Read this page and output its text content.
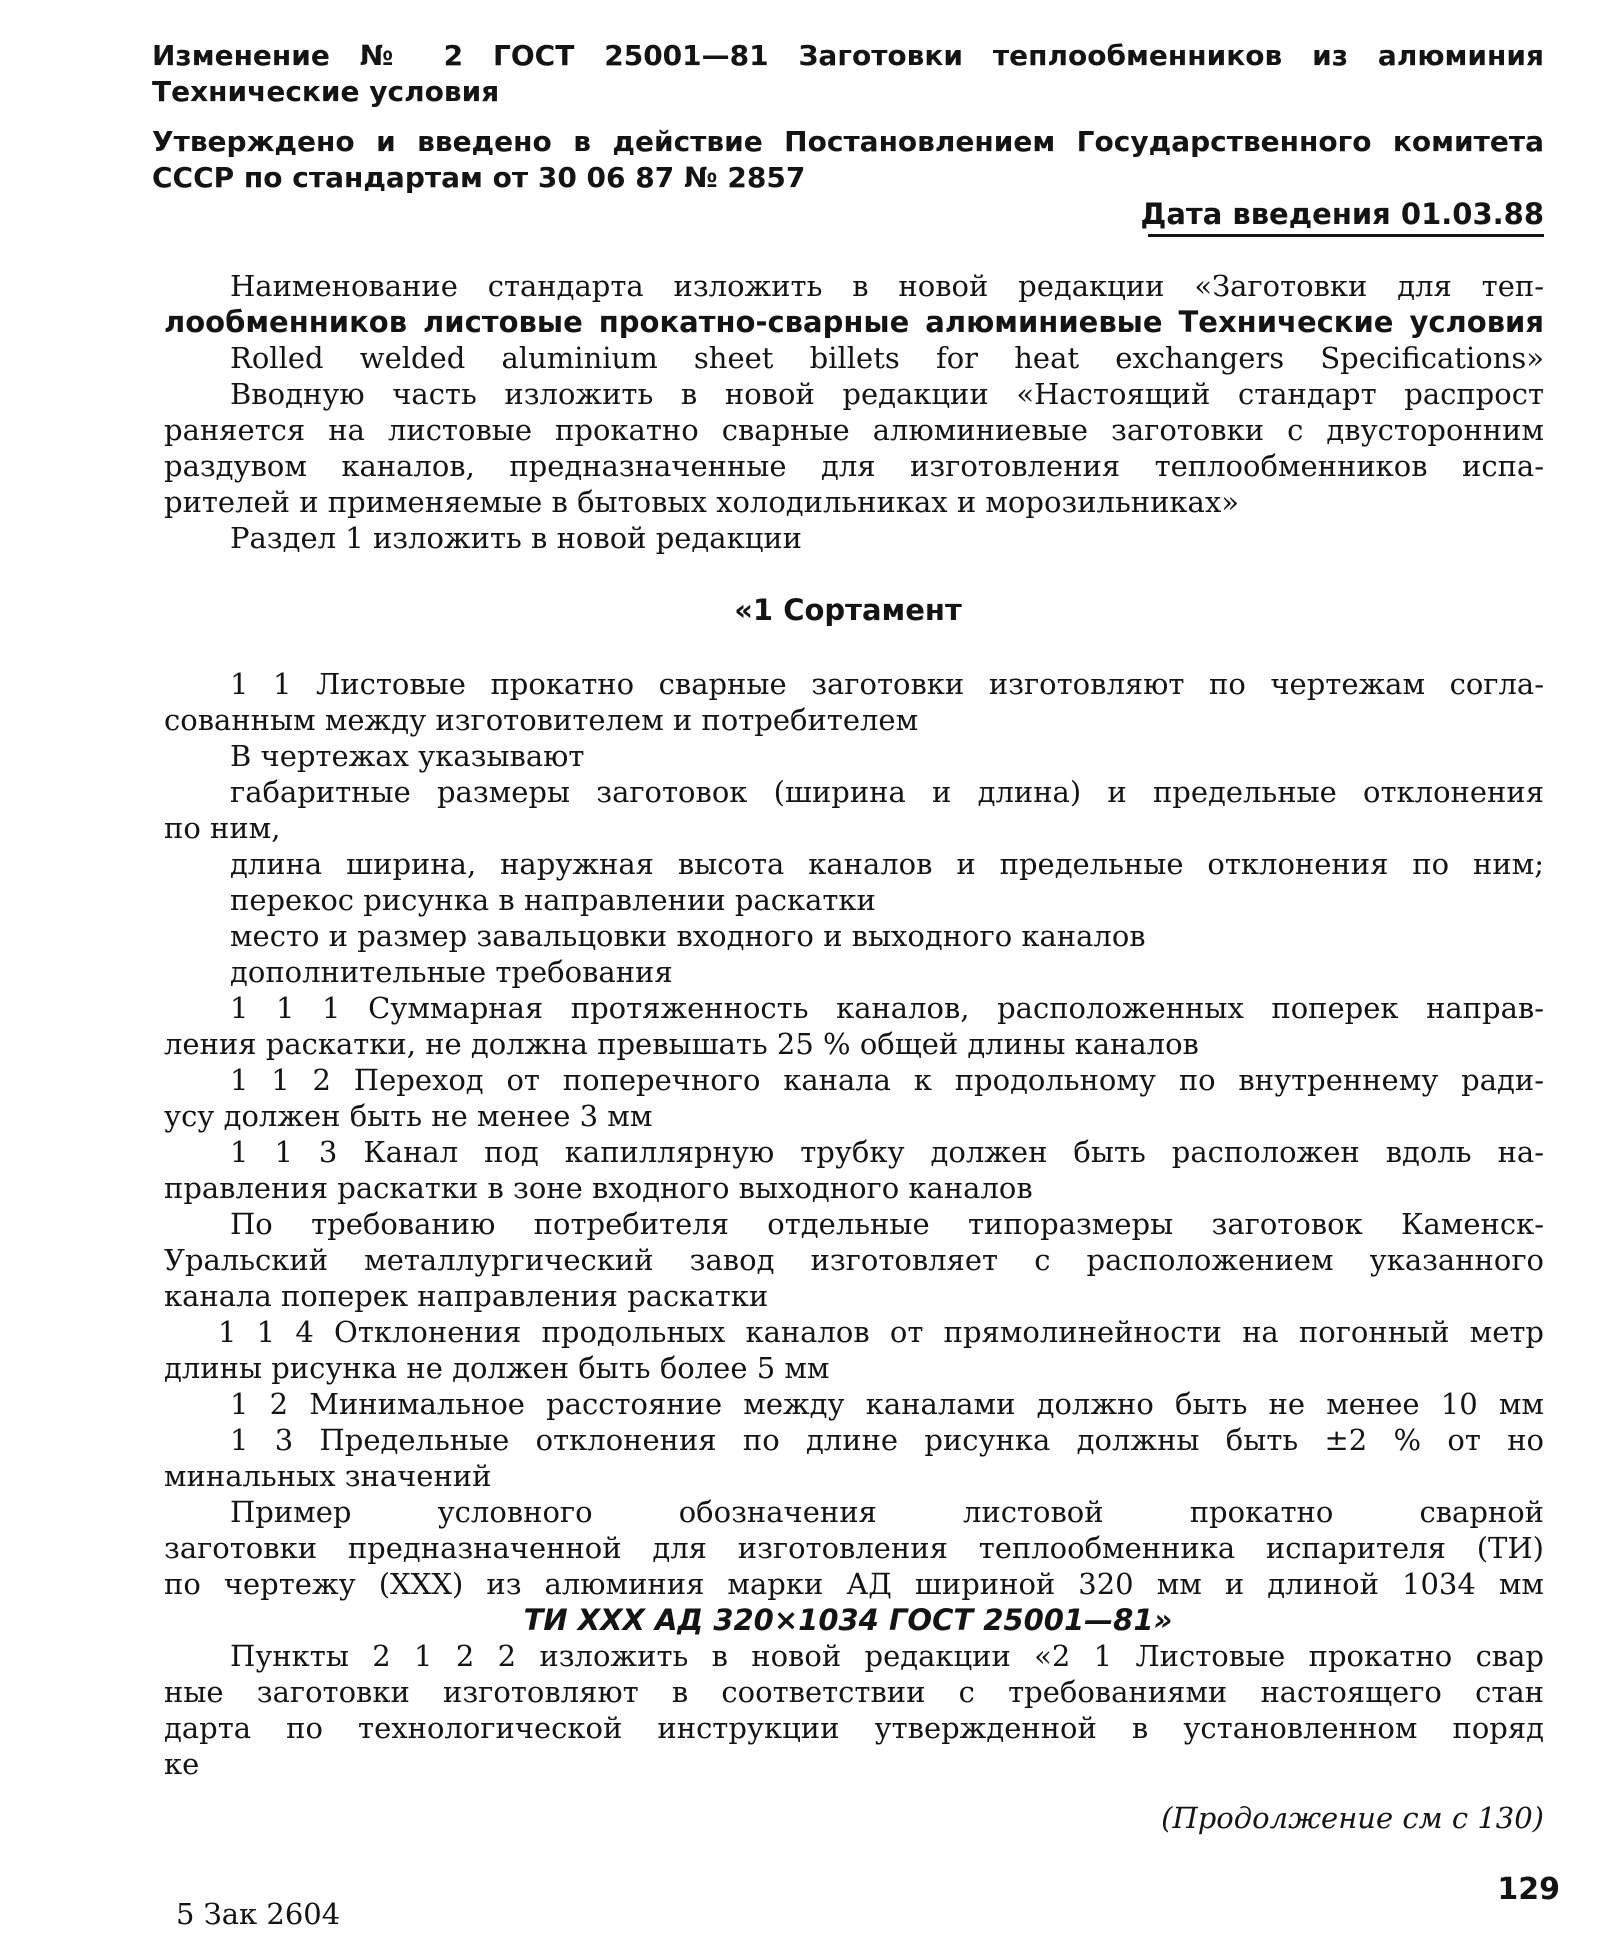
Изменение № 2 ГОСТ 25001—81 Заготовки теплообменников из алюминия

Технические условия

Утверждено и введено в действие Постановлением Государственного комитета

СССР по стандартам от 30 06 87 № 2857

Дата введения 01.03.88

Наименование стандарта изложить в новой редакции «Заготовки для теп-

лообменников листовые прокатно-сварные алюминиевые Технические условия

Rolled welded aluminium sheet billets for heat exchangers Specifications»

Вводную часть изложить в новой редакции «Настоящий стандарт распрост

раняется на листовые прокатно сварные алюминиевые заготовки с двусторонним

раздувом каналов, предназначенные для изготовления теплообменников испа-

рителей и применяемые в бытовых холодильниках и морозильниках»

Раздел 1 изложить в новой редакции

«1 Сортамент

1 1 Листовые прокатно сварные заготовки изготовляют по чертежам согла-

сованным между изготовителем и потребителем

В чертежах указывают

габаритные размеры заготовок (ширина и длина) и предельные отклонения

по ним,

длина ширина, наружная высота каналов и предельные отклонения по ним;

перекос рисунка в направлении раскатки

место и размер завальцовки входного и выходного каналов

дополнительные требования

1 1 1 Суммарная протяженность каналов, расположенных поперек направ-

ления раскатки, не должна превышать 25 % общей длины каналов

1 1 2 Переход от поперечного канала к продольному по внутреннему ради-

усу должен быть не менее 3 мм

1 1 3 Канал под капиллярную трубку должен быть расположен вдоль на-

правления раскатки в зоне входного выходного каналов

По требованию потребителя отдельные типоразмеры заготовок Каменск-

Уральский металлургический завод изготовляет с расположением указанного

канала поперек направления раскатки

1 1 4 Отклонения продольных каналов от прямолинейности на погонный метр

длины рисунка не должен быть более 5 мм

1 2 Минимальное расстояние между каналами должно быть не менее 10 мм

1 3 Предельные отклонения по длине рисунка должны быть ±2 % от но

минальных значений

Пример условного обозначения листовой прокатно сварной

заготовки предназначенной для изготовления теплообменника испарителя (ТИ)

по чертежу (XXX) из алюминия марки АД шириной 320 мм и длиной 1034 мм

ТИ XXX АД 320×1034 ГОСТ 25001—81»

Пункты 2 1 2 2 изложить в новой редакции «2 1 Листовые прокатно свар

ные заготовки изготовляют в соответствии с требованиями настоящего стан

дарта по технологической инструкции утвержденной в установленном поряд

ке

(Продолжение см с 130)

129

5 Зак 2604
